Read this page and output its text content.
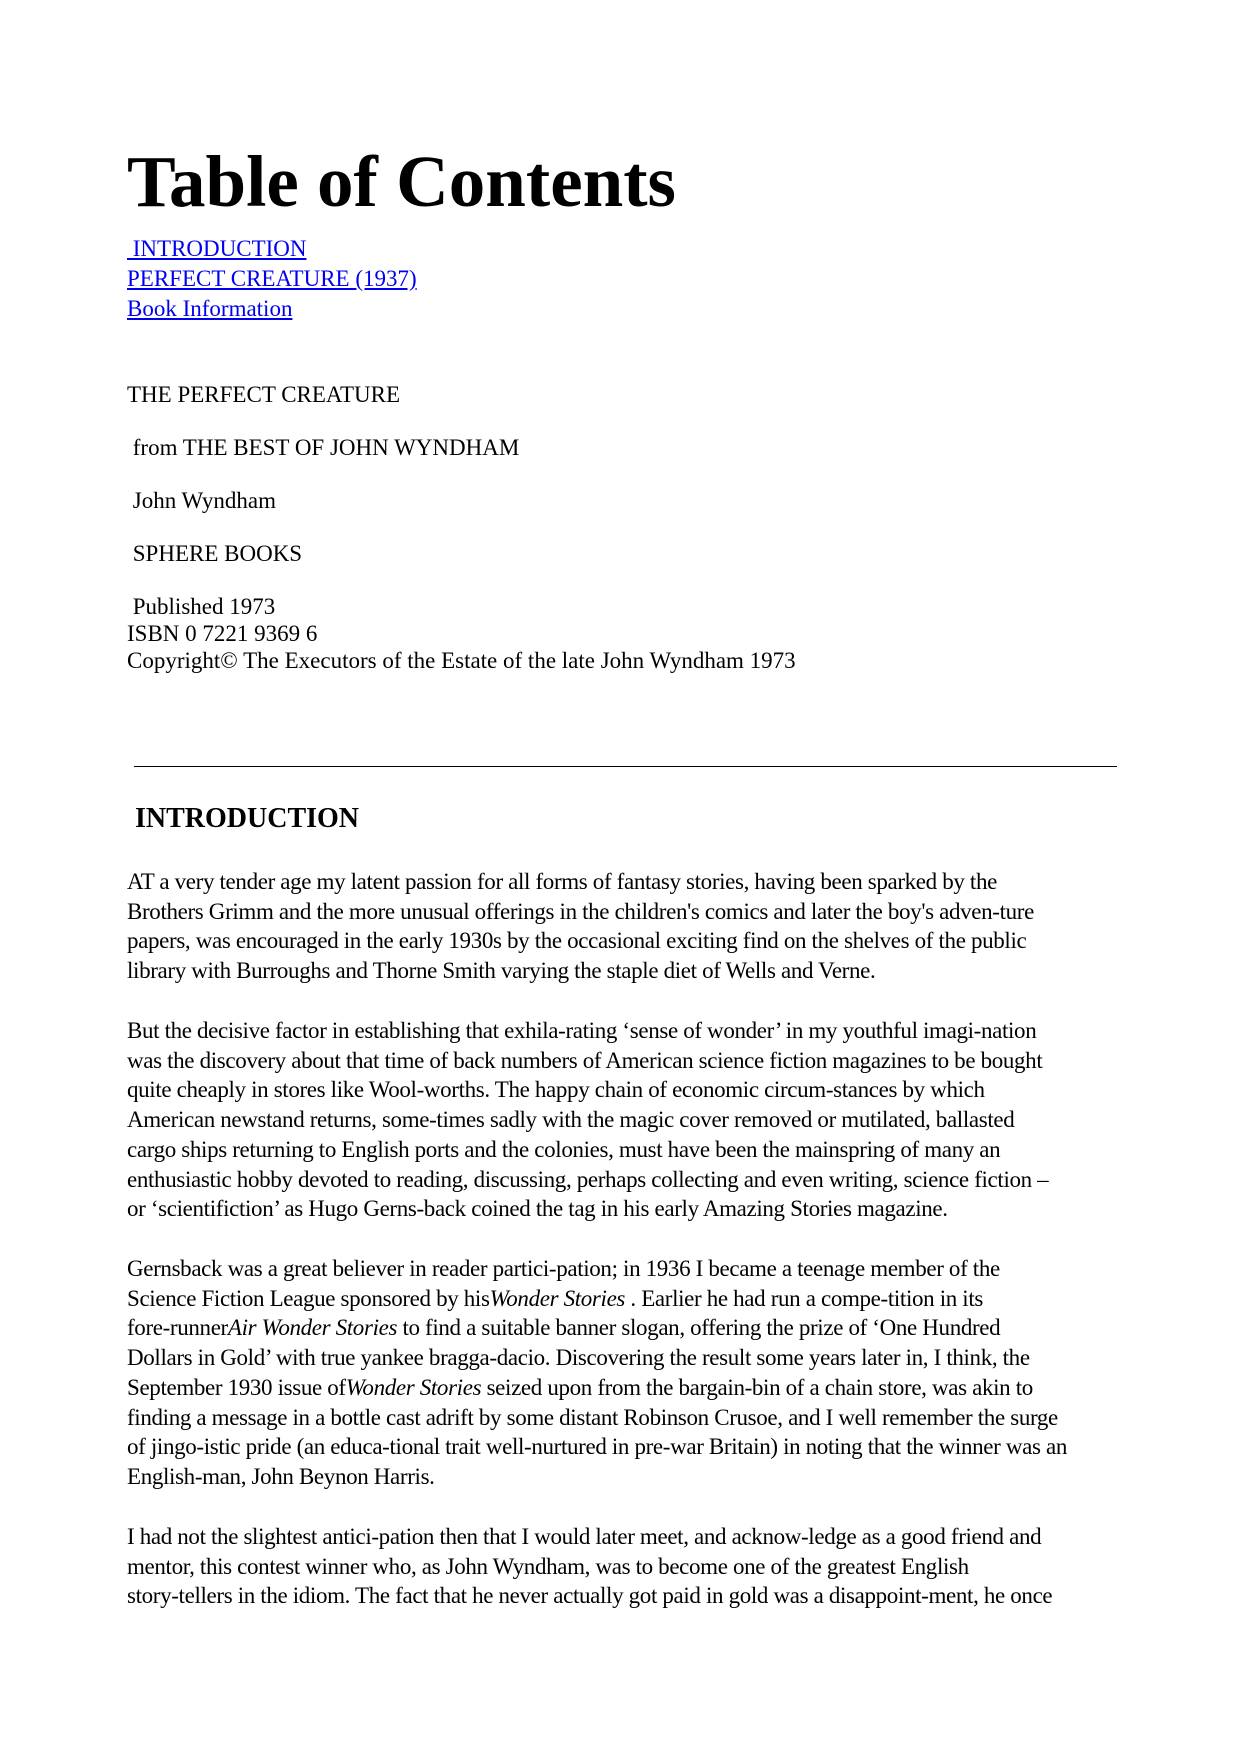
Table of Contents
INTRODUCTION
PERFECT CREATURE (1937)
Book Information
THE PERFECT CREATURE
from THE BEST OF JOHN WYNDHAM
John Wyndham
SPHERE BOOKS
Published 1973
ISBN 0 7221 9369 6
Copyright© The Executors of the Estate of the late John Wyndham 1973
INTRODUCTION

AT a very tender age my latent passion for all forms of fantasy stories, having been sparked by the
Brothers Grimm and the more unusual offerings in the children's comics and later the boy's adven-ture
papers, was encouraged in the early 1930s by the occasional exciting find on the shelves of the public
library with Burroughs and Thorne Smith varying the staple diet of Wells and Verne.

But the decisive factor in establishing that exhila-rating ‘sense of wonder’ in my youthful imagi-nation
was the discovery about that time of back numbers of American science fiction magazines to be bought
quite cheaply in stores like Wool-worths. The happy chain of economic circum-stances by which
American newstand returns, some-times sadly with the magic cover removed or mutilated, ballasted
cargo ships returning to English ports and the colonies, must have been the mainspring of many an
enthusiastic hobby devoted to reading, discussing, perhaps collecting and even writing, science fiction –
or ‘scientifiction’ as Hugo Gerns-back coined the tag in his early Amazing Stories magazine.

Gernsback was a great believer in reader partici-pation; in 1936 I became a teenage member of the
Science Fiction League sponsored by hisWonder Stories . Earlier he had run a compe-tition in its
fore-runnerAir Wonder Stories to find a suitable banner slogan, offering the prize of ‘One Hundred
Dollars in Gold’ with true yankee bragga-dacio. Discovering the result some years later in, I think, the
September 1930 issue ofWonder Stories seized upon from the bargain-bin of a chain store, was akin to
finding a message in a bottle cast adrift by some distant Robinson Crusoe, and I well remember the surge
of jingo-istic pride (an educa-tional trait well-nurtured in pre-war Britain) in noting that the winner was an
English-man, John Beynon Harris.

I had not the slightest antici-pation then that I would later meet, and acknow-ledge as a good friend and
mentor, this contest winner who, as John Wyndham, was to become one of the greatest English
story-tellers in the idiom. The fact that he never actually got paid in gold was a disappoint-ment, he once
